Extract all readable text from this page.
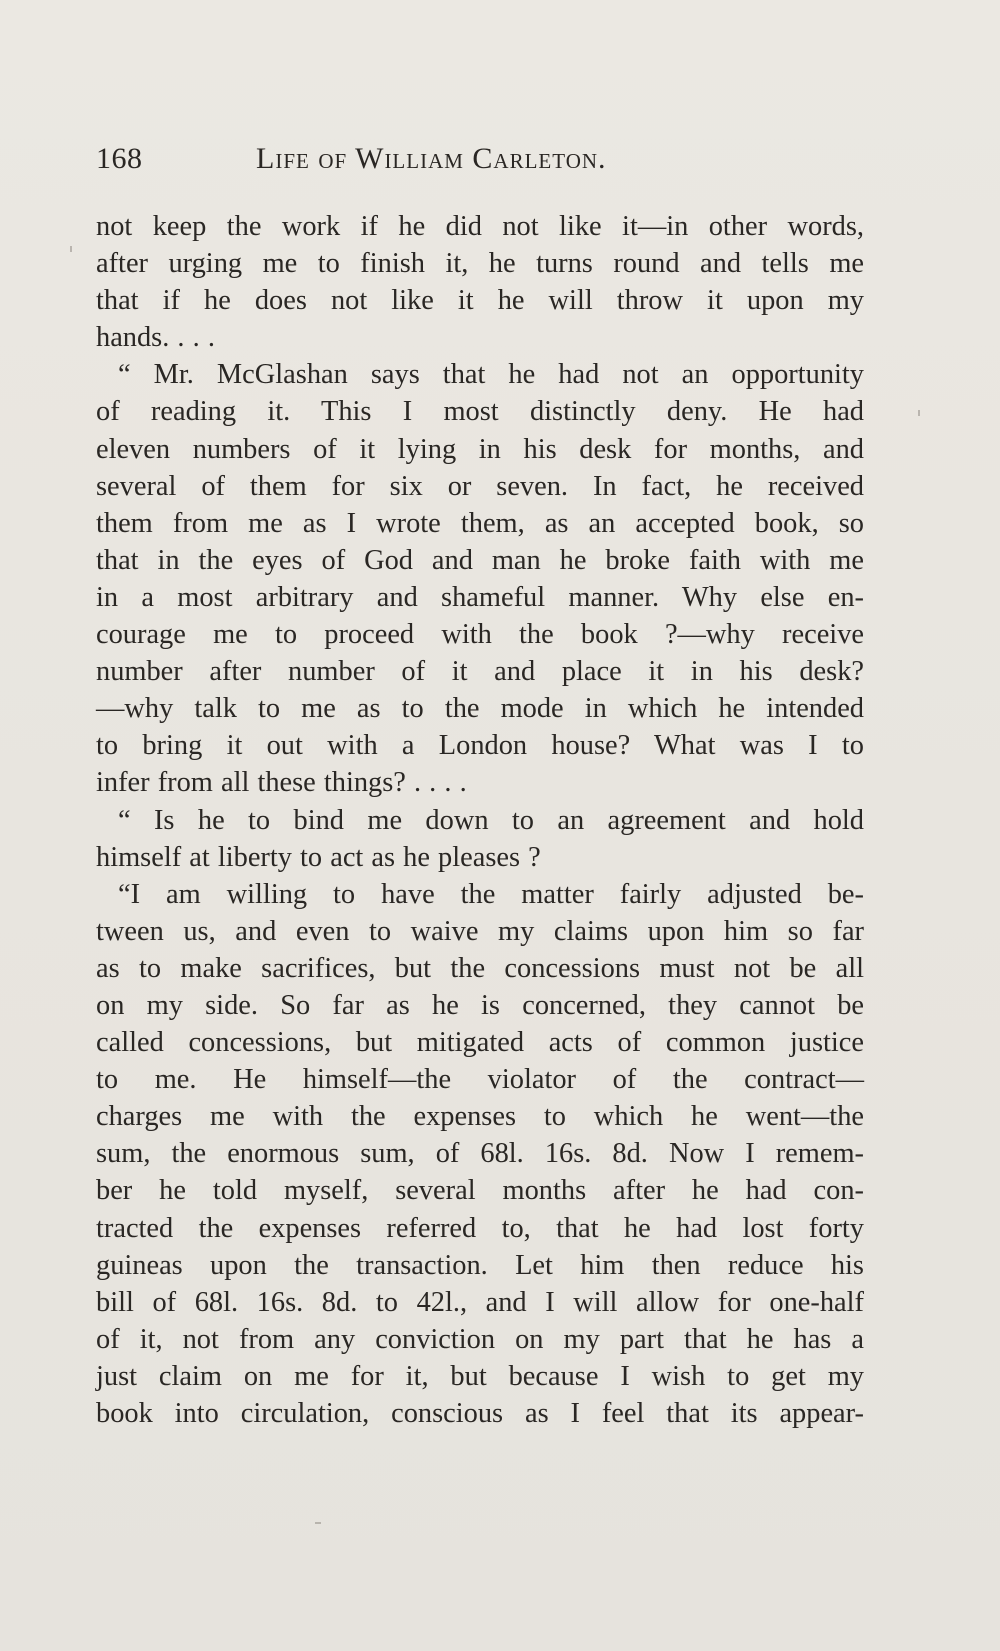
168	Life of William Carleton.
not keep the work if he did not like it—in other words,
after urging me to finish it, he turns round and tells me
that if he does not like it he will throw it upon my
hands. . . .
“ Mr. McGlashan says that he had not an opportunity
of reading it. This I most distinctly deny. He had
eleven numbers of it lying in his desk for months, and
several of them for six or seven. In fact, he received
them from me as I wrote them, as an accepted book, so
that in the eyes of God and man he broke faith with me
in a most arbitrary and shameful manner. Why else en-
courage me to proceed with the book ?—why receive
number after number of it and place it in his desk?
—why talk to me as to the mode in which he intended
to bring it out with a London house? What was I to
infer from all these things? . . . .
“ Is he to bind me down to an agreement and hold
himself at liberty to act as he pleases ?
“I am willing to have the matter fairly adjusted be-
tween us, and even to waive my claims upon him so far
as to make sacrifices, but the concessions must not be all
on my side. So far as he is concerned, they cannot be
called concessions, but mitigated acts of common justice
to me. He himself—the violator of the contract—
charges me with the expenses to which he went—the
sum, the enormous sum, of 68l. 16s. 8d. Now I remem-
ber he told myself, several months after he had con-
tracted the expenses referred to, that he had lost forty
guineas upon the transaction. Let him then reduce his
bill of 68l. 16s. 8d. to 42l., and I will allow for one-half
of it, not from any conviction on my part that he has a
just claim on me for it, but because I wish to get my
book into circulation, conscious as I feel that its appear-
